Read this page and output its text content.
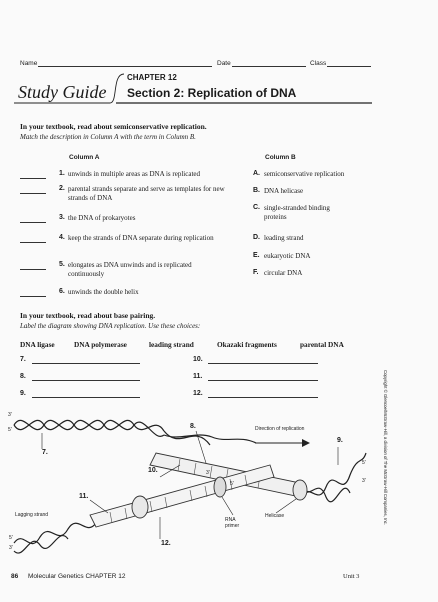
Name	Date	Class
Study Guide
CHAPTER 12
Section 2: Replication of DNA
In your textbook, read about semiconservative replication.
Match the description in Column A with the term in Column B.
Column A	Column B
1. unwinds in multiple areas as DNA is replicated
2. parental strands separate and serve as templates for new strands of DNA
3. the DNA of prokaryotes
4. keep the strands of DNA separate during replication
5. elongates as DNA unwinds and is replicated continuously
6. unwinds the double helix
A. semiconservative replication
B. DNA helicase
C. single-stranded binding proteins
D. leading strand
E. eukaryotic DNA
F. circular DNA
In your textbook, read about base pairing.
Label the diagram showing DNA replication. Use these choices:
DNA ligase	DNA polymerase	leading strand	Okazaki fragments	parental DNA
7.
8.
9.
10.
11.
12.
3'
5'
7.
8.
9.
10.
11.
12.
Direction of replication
Lagging strand
RNA primer
Helicase
3'
5'
5'
3'
5'
3'
Copyright © Glencoe/McGraw-Hill, a division of The McGraw-Hill Companies, Inc.
86 Molecular Genetics CHAPTER 12	Unit 3
